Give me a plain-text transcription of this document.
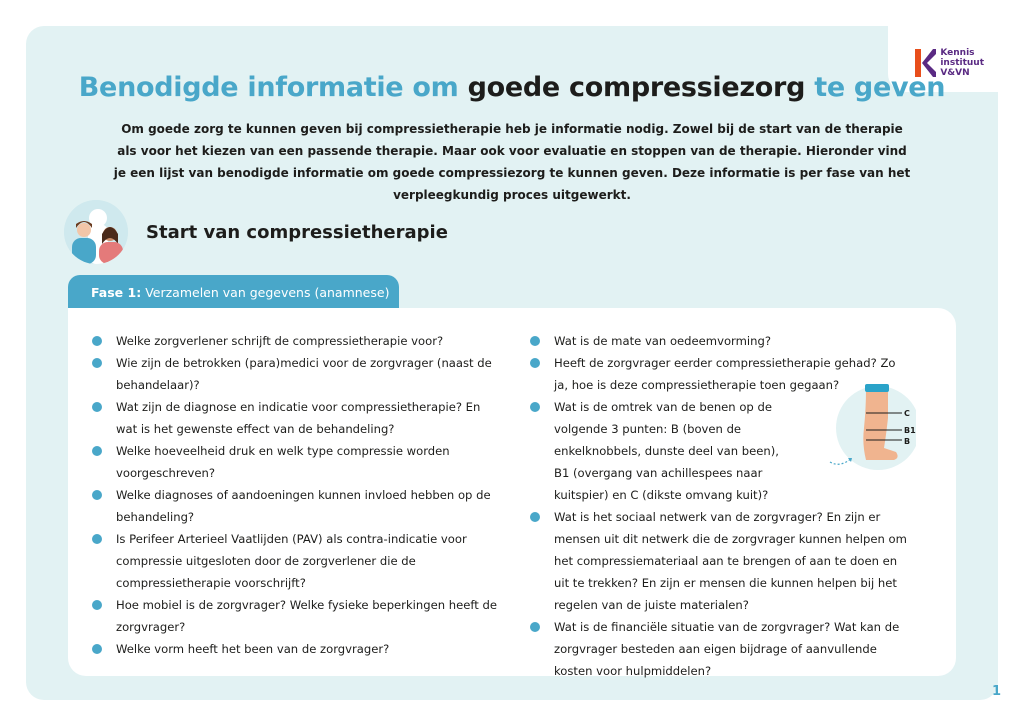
Kennis
instituut
V&VN
Benodigde informatie om goede compressiezorg te geven

Om goede zorg te kunnen geven bij compressietherapie heb je informatie nodig. Zowel bij de start van de therapie als voor het kiezen van een passende therapie. Maar ook voor evaluatie en stoppen van de therapie. Hieronder vind je een lijst van benodigde informatie om goede compressiezorg te kunnen geven. Deze informatie is per fase van het verpleegkundig proces uitgewerkt.

Start van compressietherapie
Fase 1: Verzamelen van gegevens (anamnese)
Welke zorgverlener schrijft de compressietherapie voor?
Wie zijn de betrokken (para)medici voor de zorgvrager (naast de behandelaar)?
Wat zijn de diagnose en indicatie voor compressietherapie? En wat is het gewenste effect van de behandeling?
Welke hoeveelheid druk en welk type compressie worden voorgeschreven?
Welke diagnoses of aandoeningen kunnen invloed hebben op de behandeling?
Is Perifeer Arterieel Vaatlijden (PAV) als contra-indicatie voor compressie uitgesloten door de zorgverlener die de compressietherapie voorschrijft?
Hoe mobiel is de zorgvrager? Welke fysieke beperkingen heeft de zorgvrager?
Welke vorm heeft het been van de zorgvrager?
Wat is de mate van oedeemvorming?
Heeft de zorgvrager eerder compressietherapie gehad? Zo ja, hoe is deze compressietherapie toen gegaan?
Wat is de omtrek van de benen op de volgende 3 punten: B (boven de enkelknobbels, dunste deel van been), B1 (overgang van achillespees naar kuitspier) en C (dikste omvang kuit)?
Wat is het sociaal netwerk van de zorgvrager? En zijn er mensen uit dit netwerk die de zorgvrager kunnen helpen om het compressiemateriaal aan te brengen of aan te doen en uit te trekken? En zijn er mensen die kunnen helpen bij het regelen van de juiste materialen?
Wat is de financiële situatie van de zorgvrager? Wat kan de zorgvrager besteden aan eigen bijdrage of aanvullende kosten voor hulpmiddelen?
C
B1
B
1
